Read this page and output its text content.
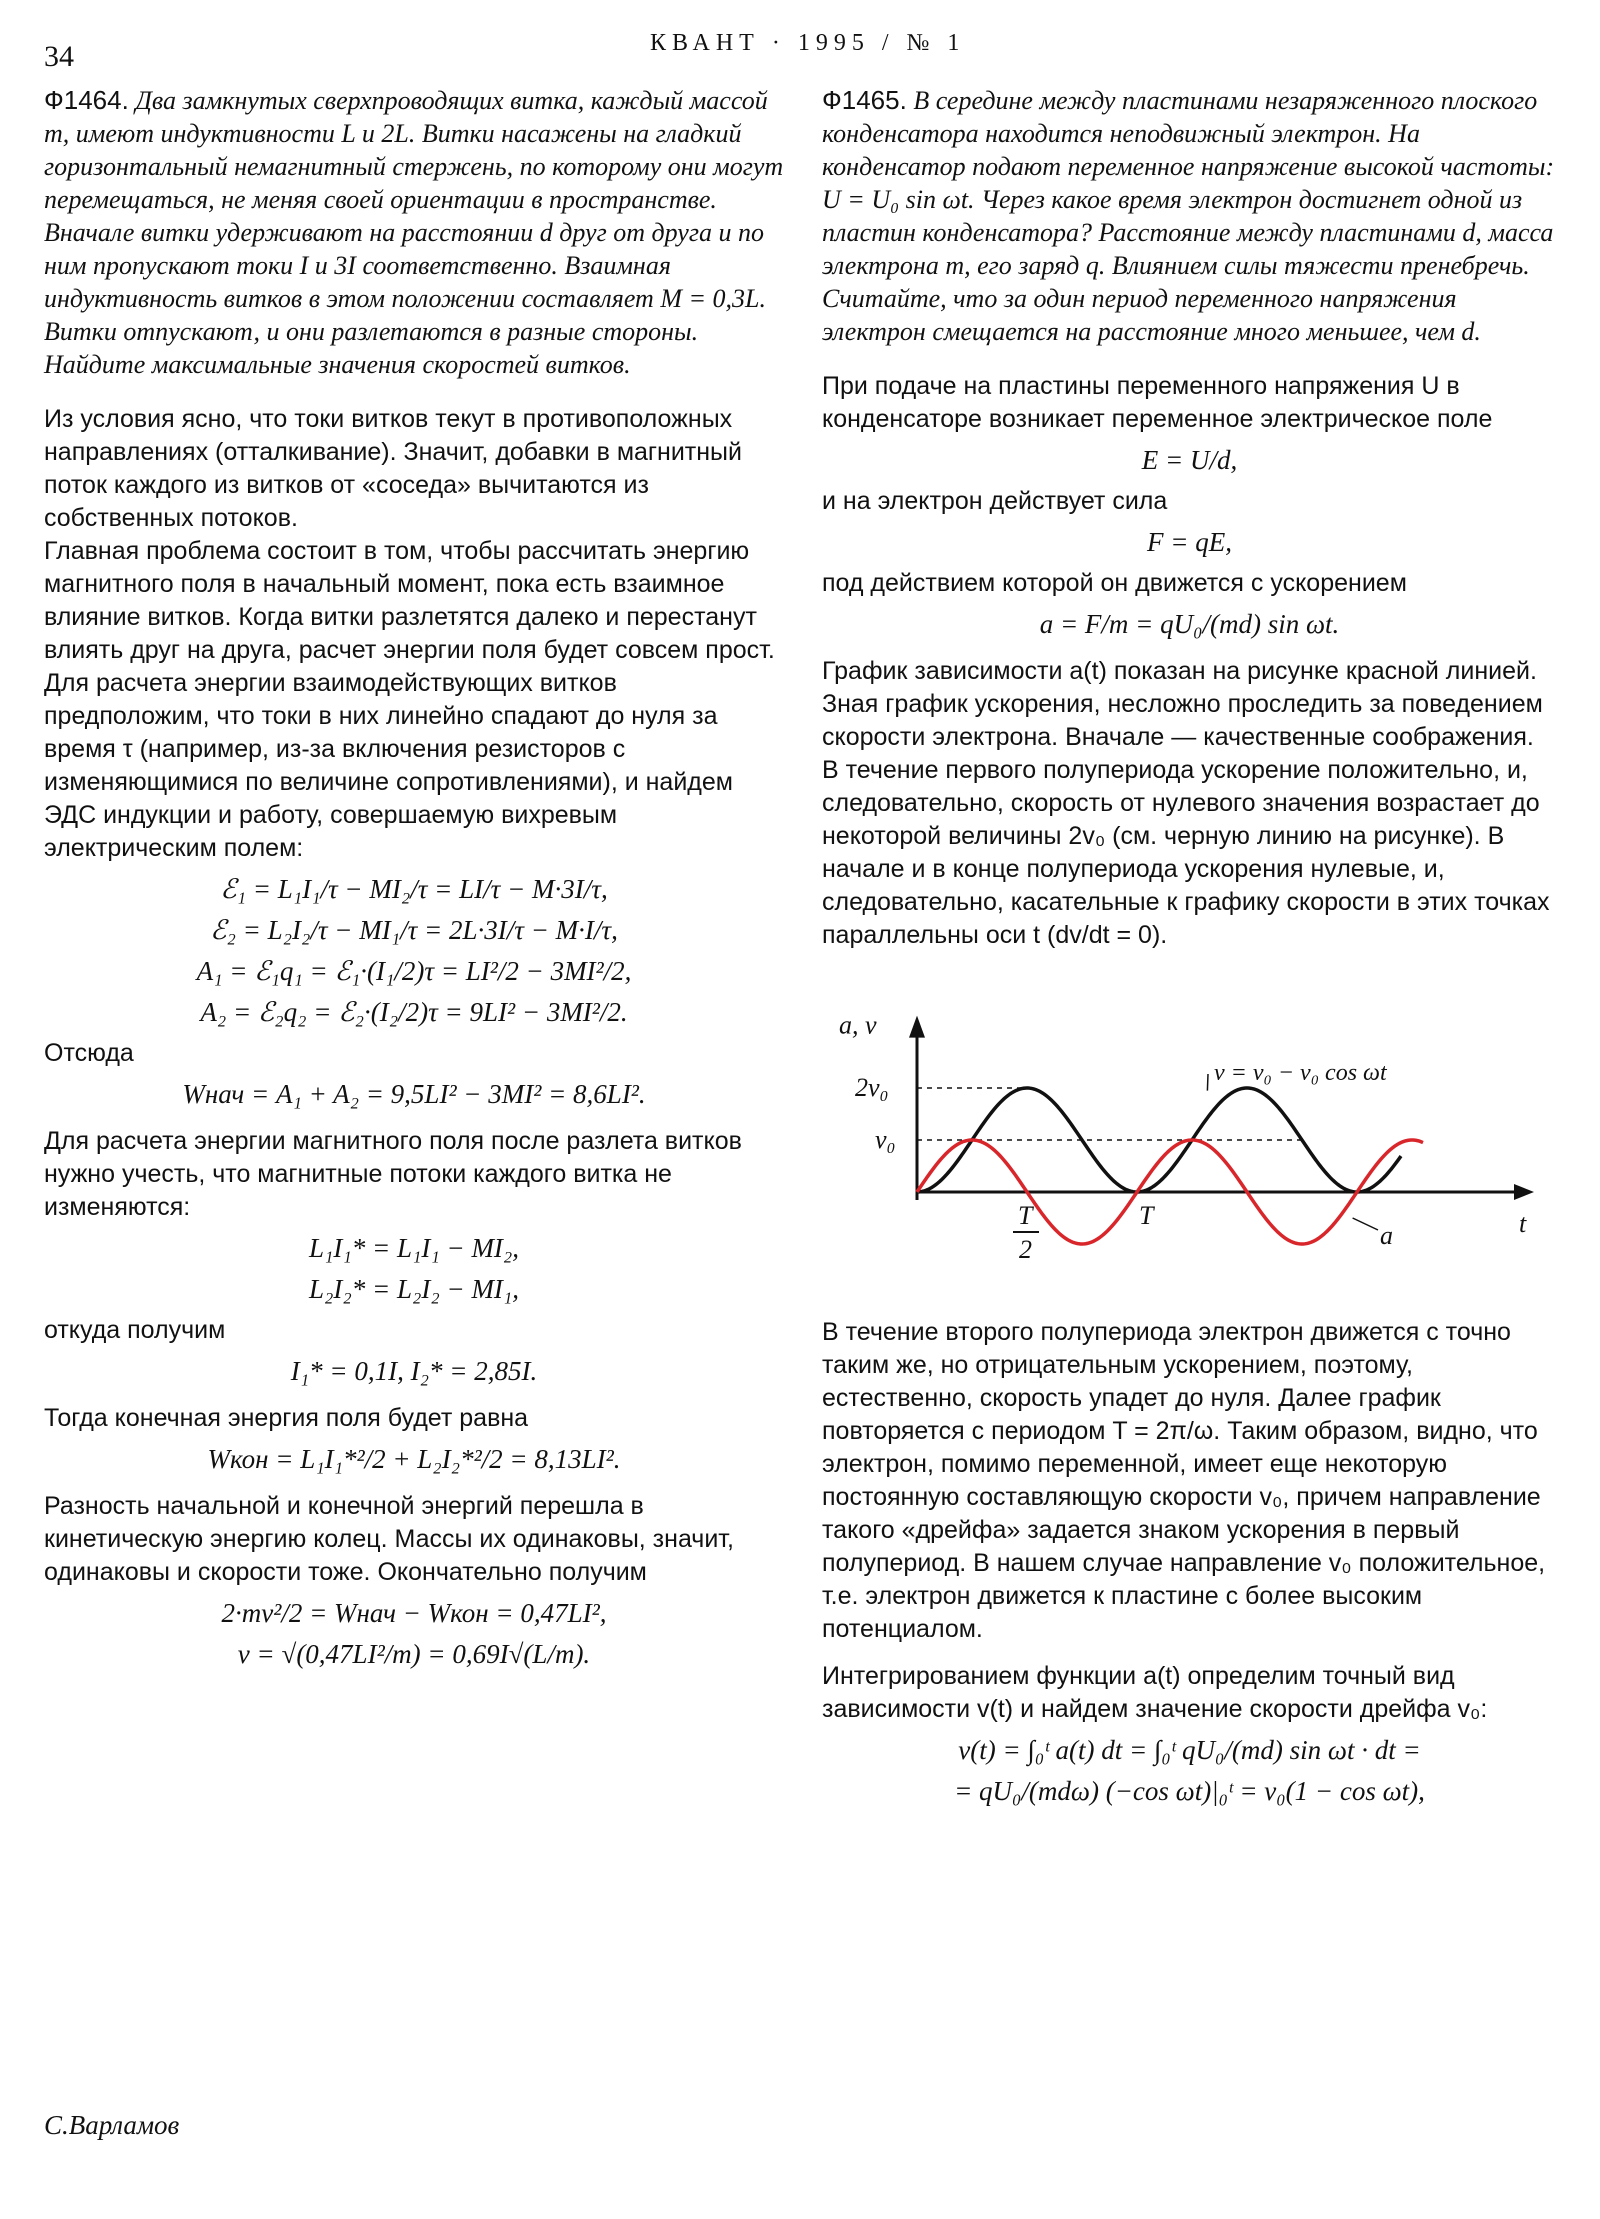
34	КВАНТ · 1995 / № 1
Ф1464. Два замкнутых сверхпроводящих витка, каждый массой m, имеют индуктивности L и 2L. Витки насажены на гладкий горизонтальный немагнитный стержень, по которому они могут перемещаться, не меняя своей ориентации в пространстве. Вначале витки удерживают на расстоянии d друг от друга и по ним пропускают токи I и 3I соответственно. Взаимная индуктивность витков в этом положении составляет M = 0,3L. Витки отпускают, и они разлетаются в разные стороны. Найдите максимальные значения скоростей витков.

Из условия ясно, что токи витков текут в противоположных направлениях (отталкивание). Значит, добавки в магнитный поток каждого из витков от «соседа» вычитаются из собственных потоков.

Главная проблема состоит в том, чтобы рассчитать энергию магнитного поля в начальный момент, пока есть взаимное влияние витков. Когда витки разлетятся далеко и перестанут влиять друг на друга, расчет энергии поля будет совсем прост.

Для расчета энергии взаимодействующих витков предположим, что токи в них линейно спадают до нуля за время τ (например, из-за включения резисторов с изменяющимися по величине сопротивлениями), и найдем ЭДС индукции и работу, совершаемую вихревым электрическим полем:

ℰ₁ = L₁I₁/τ − MI₂/τ = LI/τ − M·3I/τ,
ℰ₂ = L₂I₂/τ − MI₁/τ = 2L·3I/τ − M·I/τ,
A₁ = ℰ₁q₁ = ℰ₁·(I₁/2)τ = LI²/2 − 3MI²/2,
A₂ = ℰ₂q₂ = ℰ₂·(I₂/2)τ = 9LI² − 3MI²/2.

Отсюда

Wнач = A₁ + A₂ = 9,5LI² − 3MI² = 8,6LI².

Для расчета энергии магнитного поля после разлета витков нужно учесть, что магнитные потоки каждого витка не изменяются:

L₁I₁* = L₁I₁ − MI₂,
L₂I₂* = L₂I₂ − MI₁,

откуда получим

I₁* = 0,1I, I₂* = 2,85I.

Тогда конечная энергия поля будет равна

Wкон = L₁I₁*²/2 + L₂I₂*²/2 = 8,13LI².

Разность начальной и конечной энергий перешла в кинетическую энергию колец. Массы их одинаковы, значит, одинаковы и скорости тоже. Окончательно получим

2·mv²/2 = Wнач − Wкон = 0,47LI²,
v = √(0,47LI²/m) = 0,69I√(L/m).
С.Варламов
Ф1465. В середине между пластинами незаряженного плоского конденсатора находится неподвижный электрон. На конденсатор подают переменное напряжение высокой частоты: U = U₀ sin ωt. Через какое время электрон достигнет одной из пластин конденсатора? Расстояние между пластинами d, масса электрона m, его заряд q. Влиянием силы тяжести пренебречь. Считайте, что за один период переменного напряжения электрон смещается на расстояние много меньшее, чем d.

При подаче на пластины переменного напряжения U в конденсаторе возникает переменное электрическое поле

E = U/d,

и на электрон действует сила

F = qE,

под действием которой он движется с ускорением

a = F/m = qU₀/(md) sin ωt.

График зависимости a(t) показан на рисунке красной линией. Зная график ускорения, несложно проследить за поведением скорости электрона. Вначале — качественные соображения.

В течение первого полупериода ускорение положительно, и, следовательно, скорость от нулевого значения возрастает до некоторой величины 2v₀ (см. черную линию на рисунке). В начале и в конце полупериода ускорения нулевые, и, следовательно, касательные к графику скорости в этих точках параллельны оси t (dv/dt = 0).

a, v
t
2v₀
v₀
T
2
T
v = v₀ − v₀ cos ωt
a

В течение второго полупериода электрон движется с точно таким же, но отрицательным ускорением, поэтому, естественно, скорость упадет до нуля. Далее график повторяется с периодом T = 2π/ω. Таким образом, видно, что электрон, помимо переменной, имеет еще некоторую постоянную составляющую скорости v₀, причем направление такого «дрейфа» задается знаком ускорения в первый полупериод. В нашем случае направление v₀ положительное, т.е. электрон движется к пластине с более высоким потенциалом.

Интегрированием функции a(t) определим точный вид зависимости v(t) и найдем значение скорости дрейфа v₀:

v(t) = ∫₀ᵗ a(t) dt = ∫₀ᵗ qU₀/(md) sin ωt · dt =
= qU₀/(mdω) (−cos ωt)|₀ᵗ = v₀(1 − cos ωt),
